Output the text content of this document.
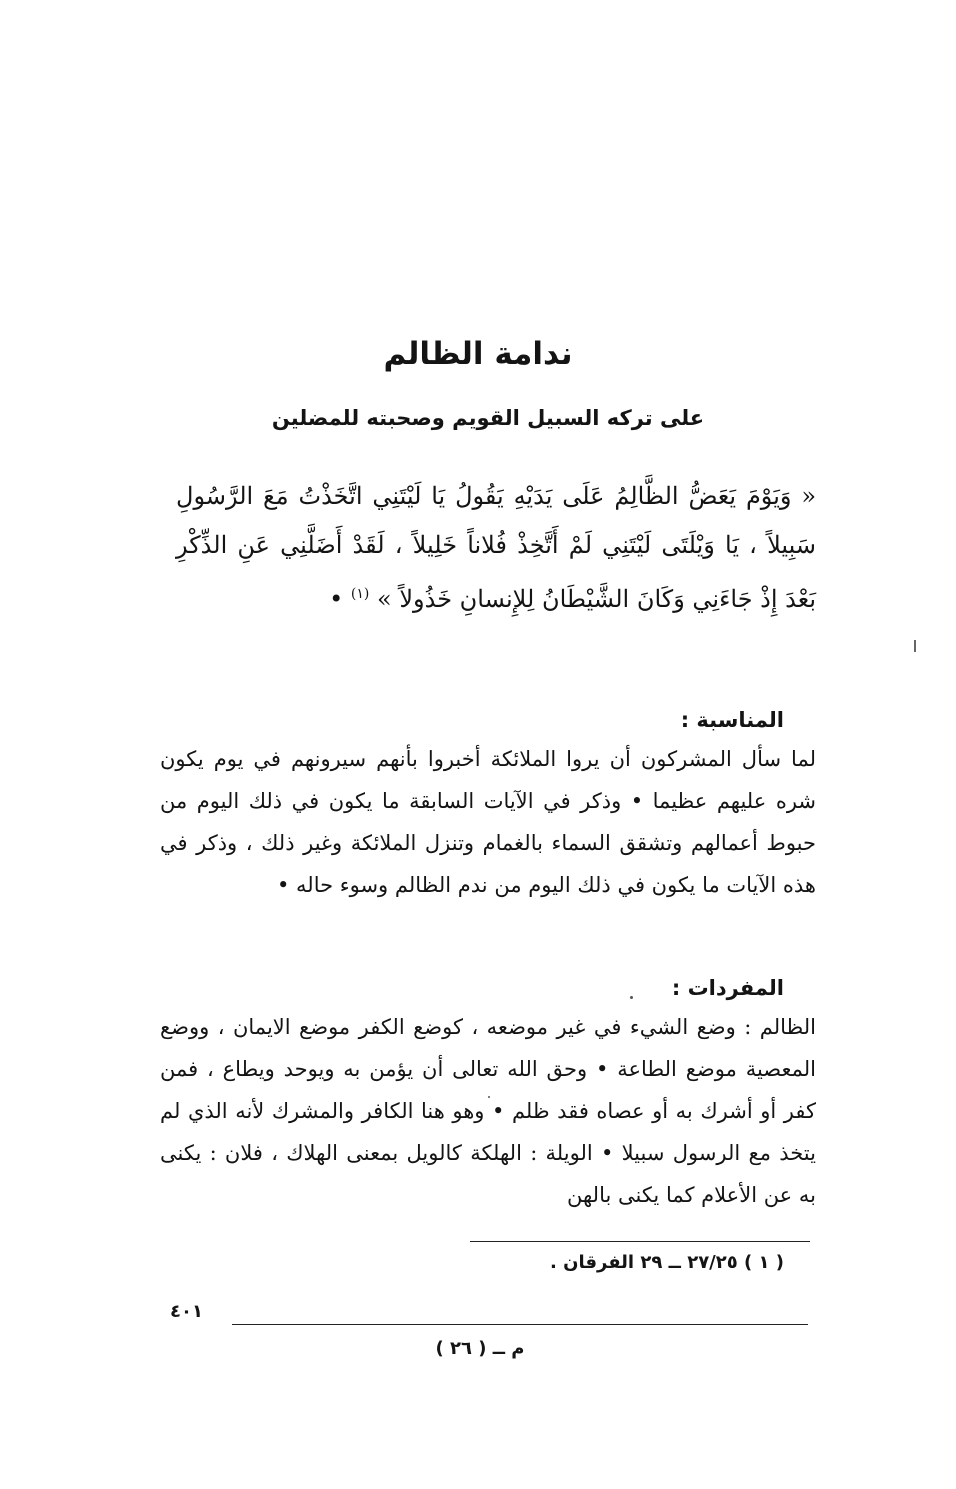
ندامة الظالم
على تركه السبيل القويم وصحبته للمضلين

« وَيَوْمَ يَعَضُّ الظَّالِمُ عَلَى يَدَيْهِ يَقُولُ يَا لَيْتَنِي اتَّخَذْتُ مَعَ الرَّسُولِ سَبِيلاً ، يَا وَيْلَتَى لَيْتَنِي لَمْ أَتَّخِذْ فُلاناً خَلِيلاً ، لَقَدْ أَضَلَّنِي عَنِ الذِّكْرِ بَعْدَ إِذْ جَاءَنِي وَكَانَ الشَّيْطَانُ لِلإِنسانِ خَذُولاً » $^{(١)}$ •

المناسبة :

لما سأل المشركون أن يروا الملائكة أخبروا بأنهم سيرونهم في يوم يكون شره عليهم عظيما • وذكر في الآيات السابقة ما يكون في ذلك اليوم من حبوط أعمالهم وتشقق السماء بالغمام وتنزل الملائكة وغير ذلك ، وذكر في هذه الآيات ما يكون في ذلك اليوم من ندم الظالم وسوء حاله •

المفردات :

الظالم : وضع الشيء في غير موضعه ، كوضع الكفر موضع الايمان ، ووضع المعصية موضع الطاعة • وحق الله تعالى أن يؤمن به ويوحد ويطاع ، فمن كفر أو أشرك به أو عصاه فقد ظلم • وهو هنا الكافر والمشرك لأنه الذي لم يتخذ مع الرسول سبيلا • الويلة : الهلكة كالويل بمعنى الهلاك ، فلان : يكنى به عن الأعلام كما يكنى بالهن

( ١ ) ٢٧/٢٥ ــ ٢٩ الفرقان .

٤٠١
م ــ ( ٢٦ )
